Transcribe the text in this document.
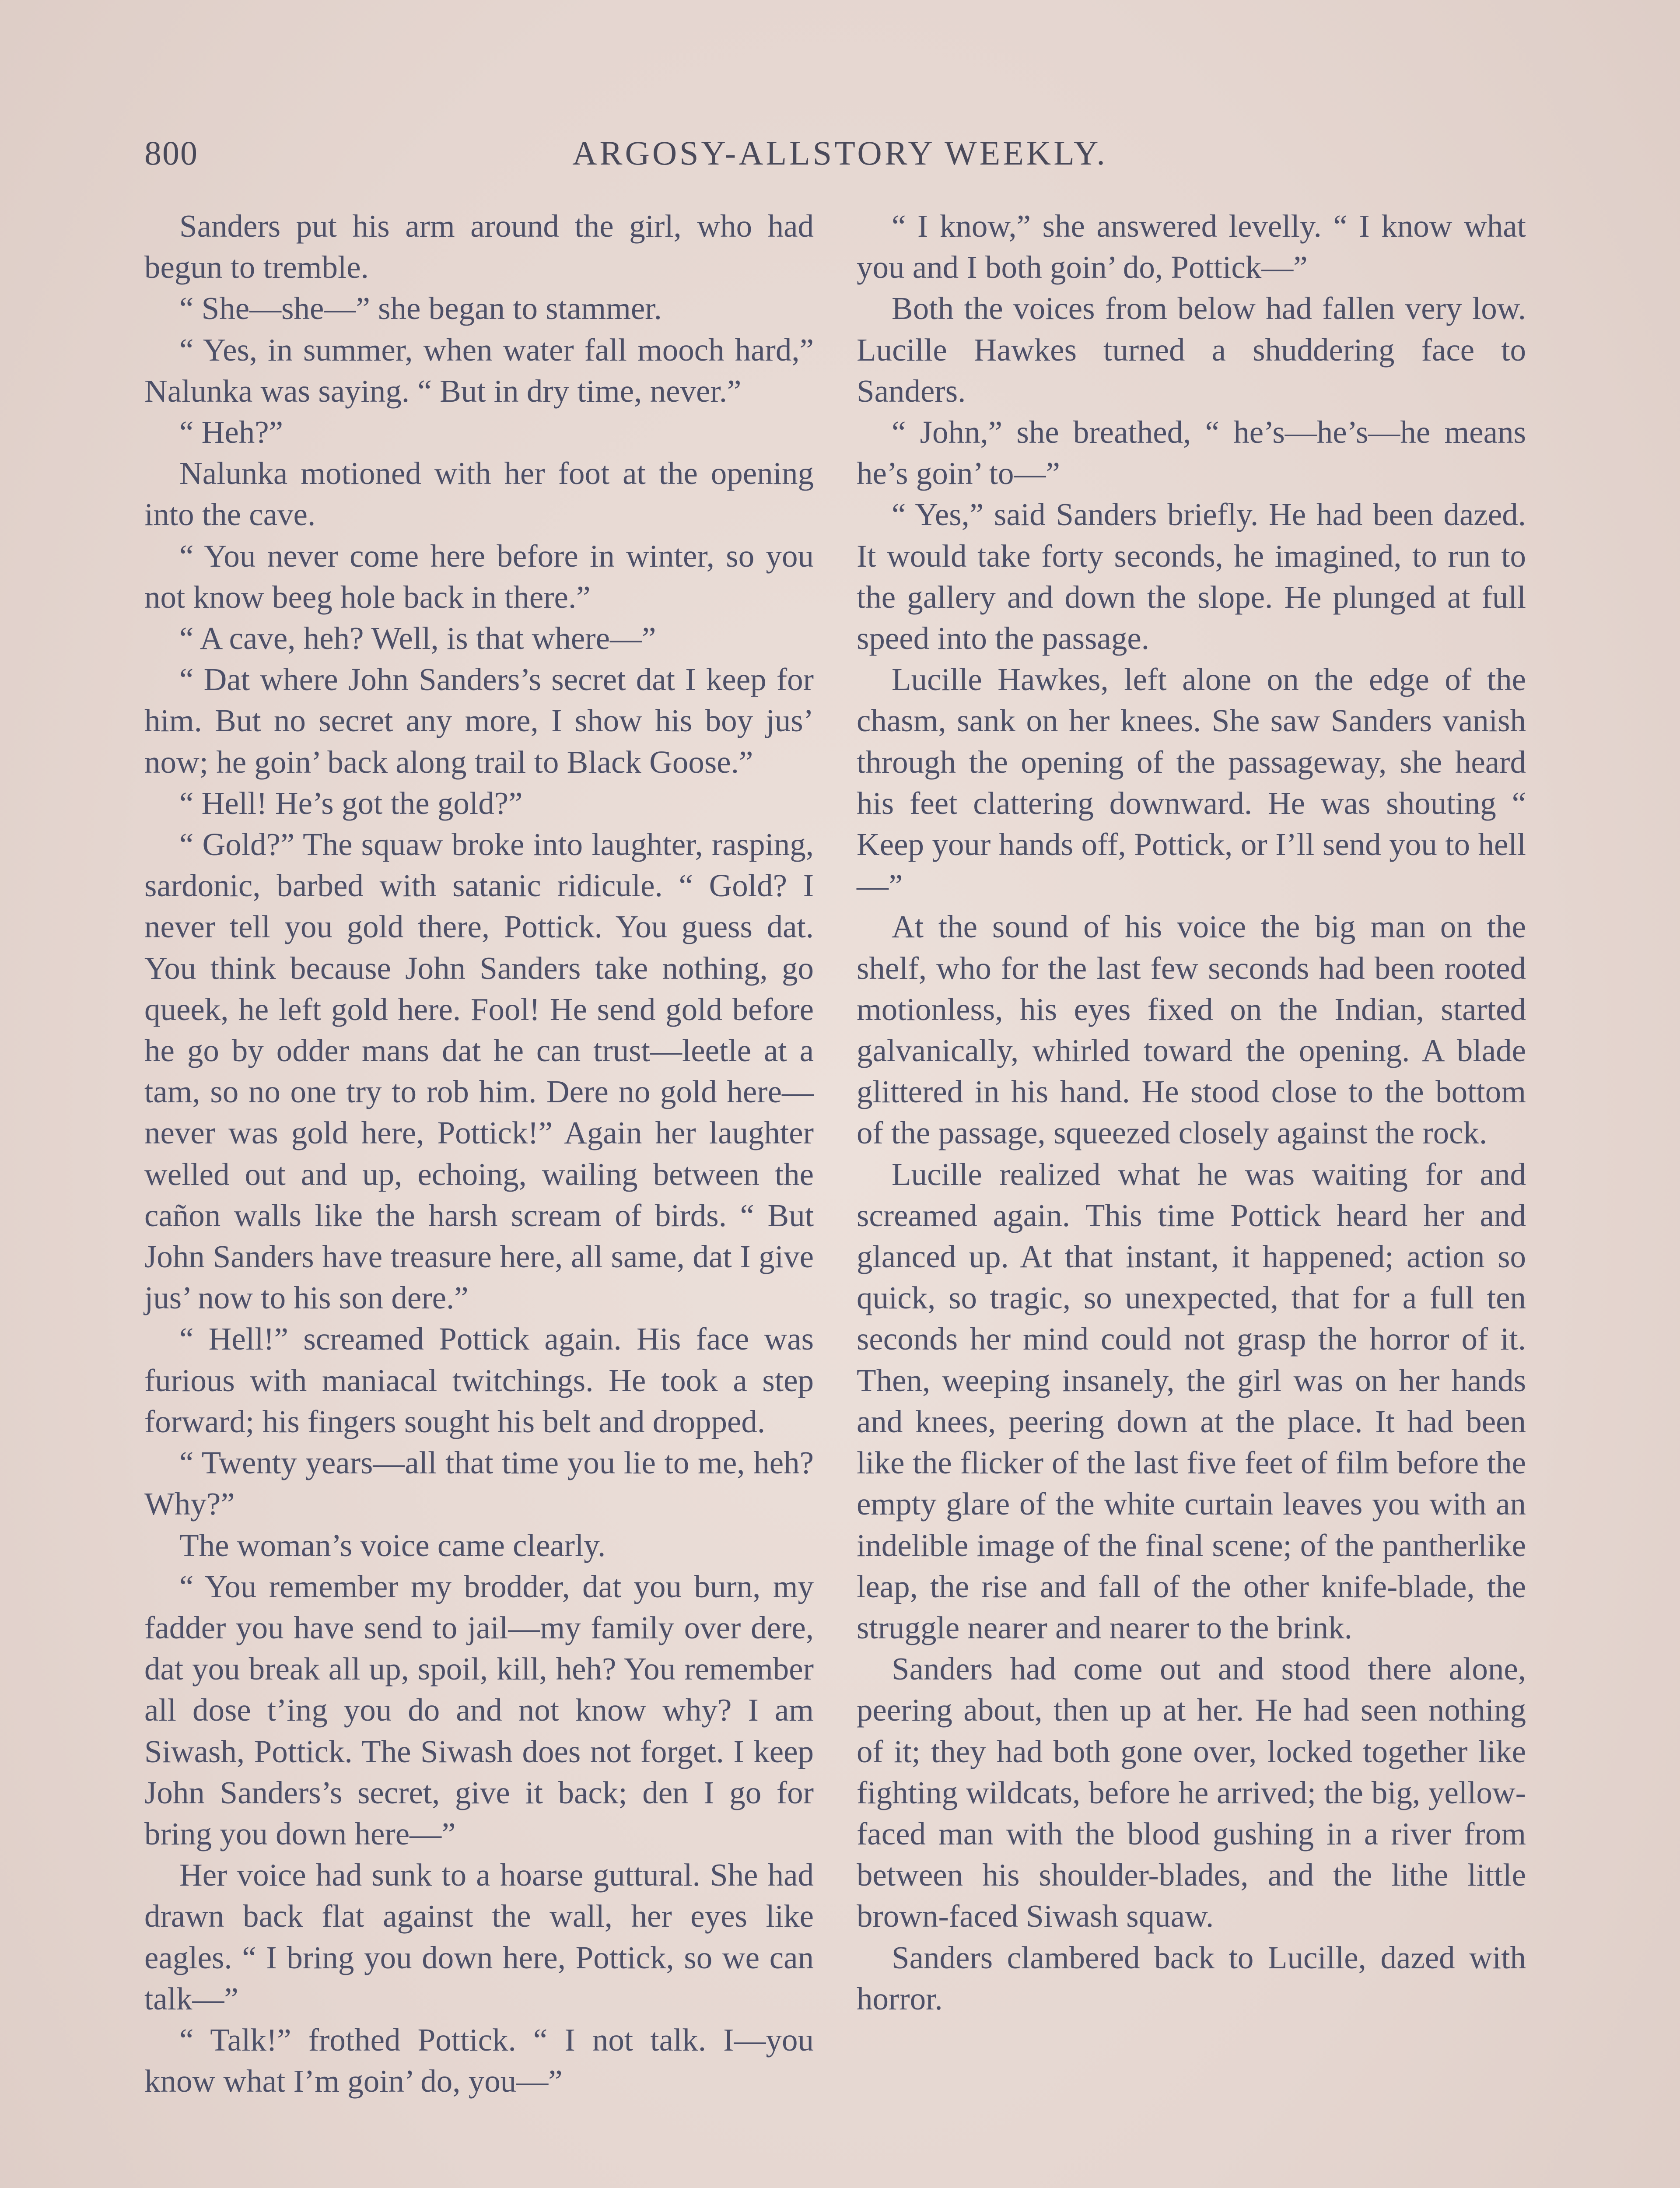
800	ARGOSY-ALLSTORY WEEKLY.

Sanders put his arm around the girl, who had begun to tremble.

“ She—she—” she began to stammer.

“ Yes, in summer, when water fall mooch hard,” Nalunka was saying. “ But in dry time, never.”

“ Heh?”

Nalunka motioned with her foot at the opening into the cave.

“ You never come here before in winter, so you not know beeg hole back in there.”

“ A cave, heh? Well, is that where—”

“ Dat where John Sanders’s secret dat I keep for him. But no secret any more, I show his boy jus’ now; he goin’ back along trail to Black Goose.”

“ Hell! He’s got the gold?”

“ Gold?” The squaw broke into laughter, rasping, sardonic, barbed with satanic ridicule. “ Gold? I never tell you gold there, Pottick. You guess dat. You think because John Sanders take nothing, go queek, he left gold here. Fool! He send gold before he go by odder mans dat he can trust—leetle at a tam, so no one try to rob him. Dere no gold here—never was gold here, Pottick!” Again her laughter welled out and up, echoing, wailing between the cañon walls like the harsh scream of birds. “ But John Sanders have treasure here, all same, dat I give jus’ now to his son dere.”

“ Hell!” screamed Pottick again. His face was furious with maniacal twitchings. He took a step forward; his fingers sought his belt and dropped.

“ Twenty years—all that time you lie to me, heh? Why?”

The woman’s voice came clearly.

“ You remember my brodder, dat you burn, my fadder you have send to jail—my family over dere, dat you break all up, spoil, kill, heh? You remember all dose t’ing you do and not know why? I am Siwash, Pottick. The Siwash does not forget. I keep John Sanders’s secret, give it back; den I go for bring you down here—”

Her voice had sunk to a hoarse guttural. She had drawn back flat against the wall, her eyes like eagles. “ I bring you down here, Pottick, so we can talk—”

“ Talk!” frothed Pottick. “ I not talk. I—you know what I’m goin’ do, you—”

“ I know,” she answered levelly. “ I know what you and I both goin’ do, Pottick—”

Both the voices from below had fallen very low. Lucille Hawkes turned a shuddering face to Sanders.

“ John,” she breathed, “ he’s—he’s—he means he’s goin’ to—”

“ Yes,” said Sanders briefly. He had been dazed. It would take forty seconds, he imagined, to run to the gallery and down the slope. He plunged at full speed into the passage.

Lucille Hawkes, left alone on the edge of the chasm, sank on her knees. She saw Sanders vanish through the opening of the passageway, she heard his feet clattering downward. He was shouting “ Keep your hands off, Pottick, or I’ll send you to hell—”

At the sound of his voice the big man on the shelf, who for the last few seconds had been rooted motionless, his eyes fixed on the Indian, started galvanically, whirled toward the opening. A blade glittered in his hand. He stood close to the bottom of the passage, squeezed closely against the rock.

Lucille realized what he was waiting for and screamed again. This time Pottick heard her and glanced up. At that instant, it happened; action so quick, so tragic, so unexpected, that for a full ten seconds her mind could not grasp the horror of it. Then, weeping insanely, the girl was on her hands and knees, peering down at the place. It had been like the flicker of the last five feet of film before the empty glare of the white curtain leaves you with an indelible image of the final scene; of the pantherlike leap, the rise and fall of the other knife-blade, the struggle nearer and nearer to the brink.

Sanders had come out and stood there alone, peering about, then up at her. He had seen nothing of it; they had both gone over, locked together like fighting wildcats, before he arrived; the big, yellow-faced man with the blood gushing in a river from between his shoulder-blades, and the lithe little brown-faced Siwash squaw.

Sanders clambered back to Lucille, dazed with horror.
